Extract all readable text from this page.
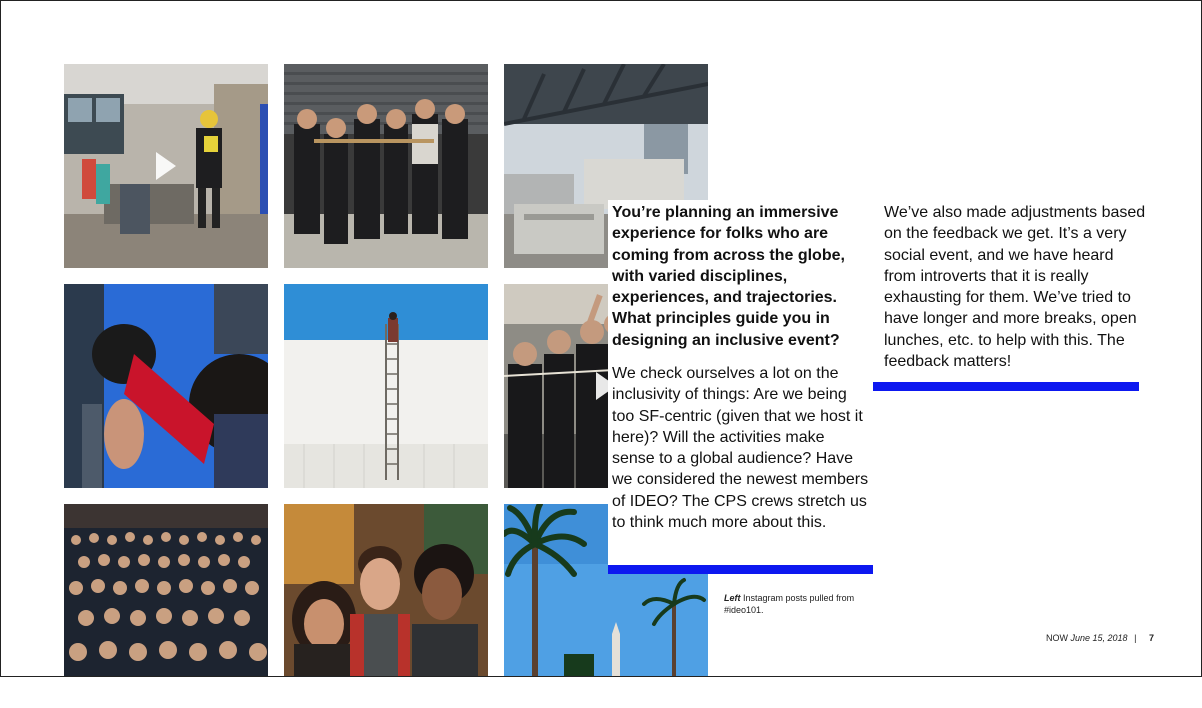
You’re planning an immersive experience for folks who are coming from across the globe, with varied disciplines, experiences, and trajectories. What principles guide you in designing an inclusive event?

We check ourselves a lot on the inclusivity of things: Are we being too SF-centric (given that we host it here)? Will the activities make sense to a global audience? Have we considered the newest members of IDEO? The CPS crews stretch us to think much more about this.

We’ve also made adjustments based on the feedback we get. It’s a very social event, and we have heard from introverts that it is really exhausting for them. We’ve tried to have longer and more breaks, open lunches, etc. to help with this. The feedback matters!

Left Instagram posts pulled from #ideo101.

NOW June 15, 2018 | 7
